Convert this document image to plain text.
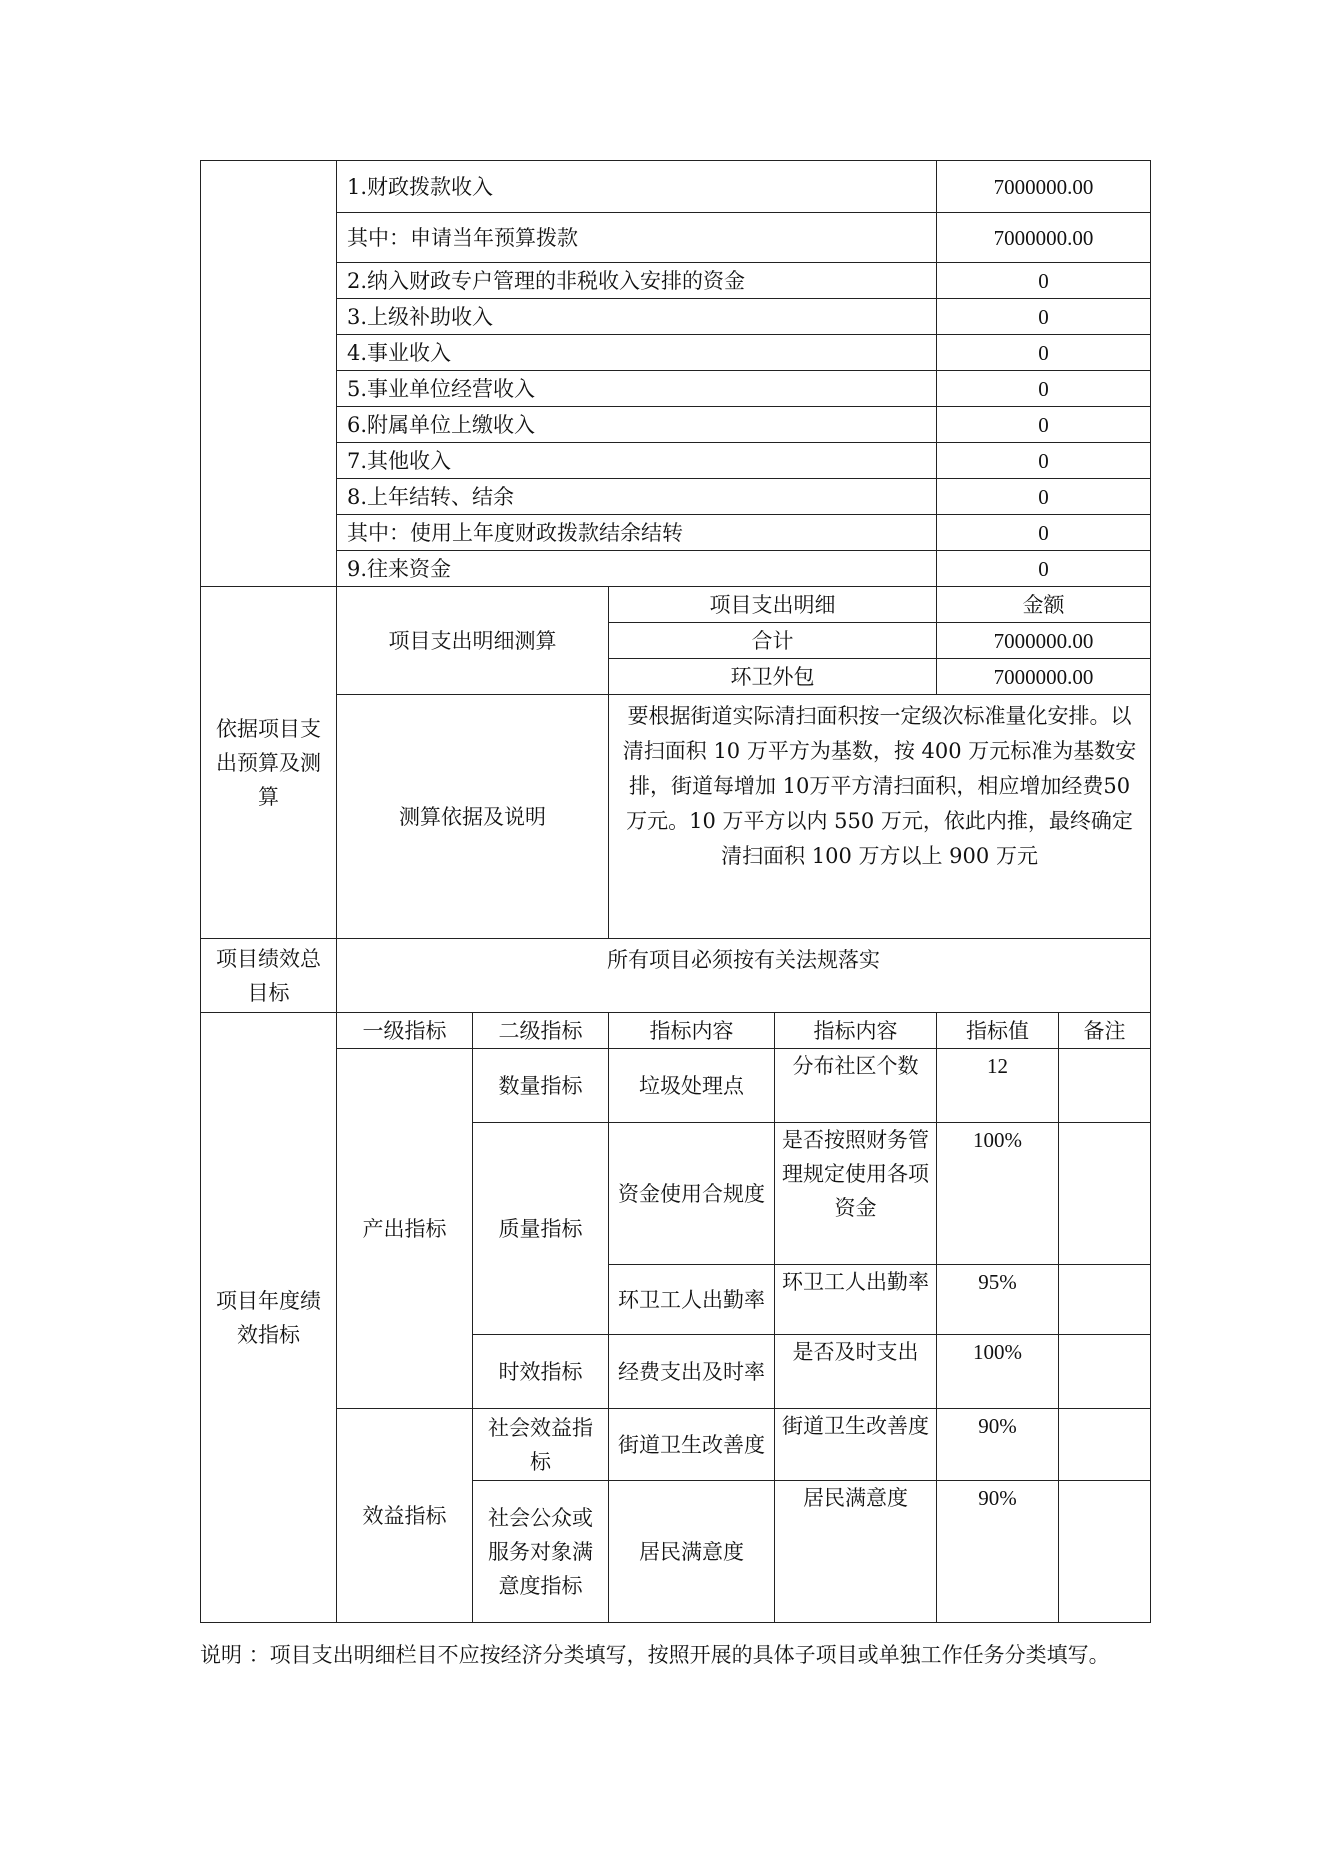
	1.财政拨款收入				7000000.00	
	其中：申请当年预算拨款				7000000.00	
	2.纳入财政专户管理的非税收入安排的资金				0	
	3.上级补助收入				0	
	4.事业收入				0	
	5.事业单位经营收入				0	
	6.附属单位上缴收入				0	
	7.其他收入				0	
	8.上年结转、结余				0	
	其中：使用上年度财政拨款结余结转				0	
	9.往来资金				0	
依据项目支出预算及测算	项目支出明细测算		项目支出明细		金额	
			合计		7000000.00	
			环卫外包		7000000.00	
	测算依据及说明		要根据街道实际清扫面积按一定级次标准量化安排。以清扫面积 10 万平方为基数，按 400 万元标准为基数安排，街道每增加 10万平方清扫面积，相应增加经费50万元。10 万平方以内 550 万元，依此内推，最终确定清扫面积 100 万方以上 900 万元			
项目绩效总目标	所有项目必须按有关法规落实					
项目年度绩效指标	一级指标	二级指标	指标内容	指标内容	指标值	备注
	产出指标	数量指标	垃圾处理点	分布社区个数	12	
		质量指标	资金使用合规度	是否按照财务管理规定使用各项资金	100%	
			环卫工人出勤率	环卫工人出勤率	95%	
		时效指标	经费支出及时率	是否及时支出	100%	
	效益指标	社会效益指标	街道卫生改善度	街道卫生改善度	90%	
		社会公众或服务对象满意度指标	居民满意度	居民满意度	90%	
说明 ：项目支出明细栏目不应按经济分类填写，按照开展的具体子项目或单独工作任务分类填写。
